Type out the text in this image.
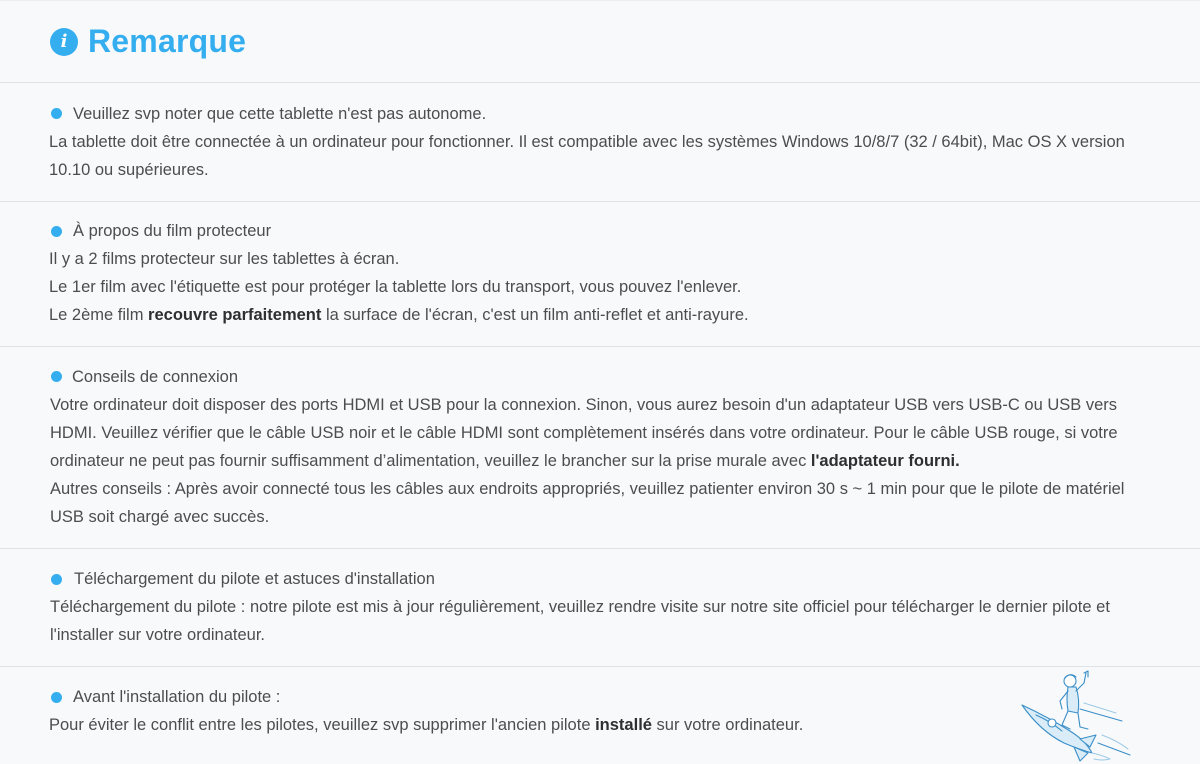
i Remarque
Veuillez svp noter que cette tablette n'est pas autonome.
La tablette doit être connectée à un ordinateur pour fonctionner. Il est compatible avec les systèmes Windows 10/8/7 (32 / 64bit), Mac OS X version
10.10 ou supérieures.
À propos du film protecteur
Il y a 2 films protecteur sur les tablettes à écran.
Le 1er film avec l'étiquette est pour protéger la tablette lors du transport, vous pouvez l'enlever.
Le 2ème film recouvre parfaitement la surface de l'écran, c'est un film anti-reflet et anti-rayure.
Conseils de connexion
Votre ordinateur doit disposer des ports HDMI et USB pour la connexion. Sinon, vous aurez besoin d'un adaptateur USB vers USB-C ou USB vers
HDMI. Veuillez vérifier que le câble USB noir et le câble HDMI sont complètement insérés dans votre ordinateur. Pour le câble USB rouge, si votre
ordinateur ne peut pas fournir suffisamment d’alimentation, veuillez le brancher sur la prise murale avec l'adaptateur fourni.
Autres conseils : Après avoir connecté tous les câbles aux endroits appropriés, veuillez patienter environ 30 s ~ 1 min pour que le pilote de matériel
USB soit chargé avec succès.
Téléchargement du pilote et astuces d'installation
Téléchargement du pilote : notre pilote est mis à jour régulièrement, veuillez rendre visite sur notre site officiel pour télécharger le dernier pilote et
l'installer sur votre ordinateur.
Avant l'installation du pilote :
Pour éviter le conflit entre les pilotes, veuillez svp supprimer l'ancien pilote installé sur votre ordinateur.
